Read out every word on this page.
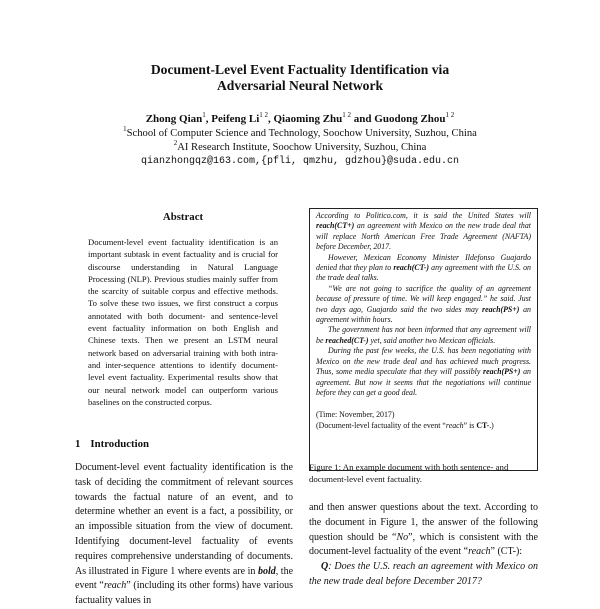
Document-Level Event Factuality Identification via
Adversarial Neural Network
Zhong Qian$^1$, Peifeng $Li^{1 2}$, Qiaoming Zhu$^{1 2}$ and Guodong Zhou$^{1 2}$
$^1$School of Computer Science and Technology, Soochow University, Suzhou, China
$^2$AI Research Institute, Soochow University, Suzhou, China
qianzhongqz@163.com,{pfli, qmzhu, gdzhou}@suda.edu.cn
Abstract
Document-level event factuality identification is an important subtask in event factuality and is crucial for discourse understanding in Natural Language Processing (NLP). Previous studies mainly suffer from the scarcity of suitable corpus and effective methods. To solve these two issues, we first construct a corpus annotated with both document- and sentence-level event factuality information on both English and Chinese texts. Then we present an LSTM neural network based on adversarial training with both intra- and inter-sequence attentions to identify document-level event factuality. Experimental results show that our neural network model can outperform various baselines on the constructed corpus.
1 Introduction
Document-level event factuality identification is the task of deciding the commitment of relevant sources towards the factual nature of an event, and to determine whether an event is a fact, a possibility, or an impossible situation from the view of document. Identifying document-level factuality of events requires comprehensive understanding of documents. As illustrated in Figure 1 where events are in bold, the event “reach” (including its other forms) have various factuality values in

According to Politico.com, it is said the United States will reach(CT+) an agreement with Mexico on the new trade deal that will replace North American Free Trade Agreement (NAFTA) before December, 2017.

However, Mexican Economy Minister Ildefonso Guajardo denied that they plan to reach(CT-) any agreement with the U.S. on the trade deal talks.

“We are not going to sacrifice the quality of an agreement because of pressure of time. We will keep engaged.” he said. Just two days ago, Guajardo said the two sides may reach(PS+) an agreement within hours.

The government has not been informed that any agreement will be reached(CT-) yet, said another two Mexican officials.

During the past few weeks, the U.S. has been negotiating with Mexico on the new trade deal and has achieved much progress. Thus, some media speculate that they will possibly reach(PS+) an agreement. But now it seems that the negotiations will continue before they can get a good deal.

(Time: November, 2017)

(Document-level factuality of the event “reach” is CT-.)

Figure 1: An example document with both sentence- and document-level event factuality.
and then answer questions about the text. According to the document in Figure 1, the answer of the following question should be “No”, which is consistent with the document-level factuality of the event “reach” (CT-):
Q: Does the U.S. reach an agreement with Mexico on the new trade deal before December 2017?
